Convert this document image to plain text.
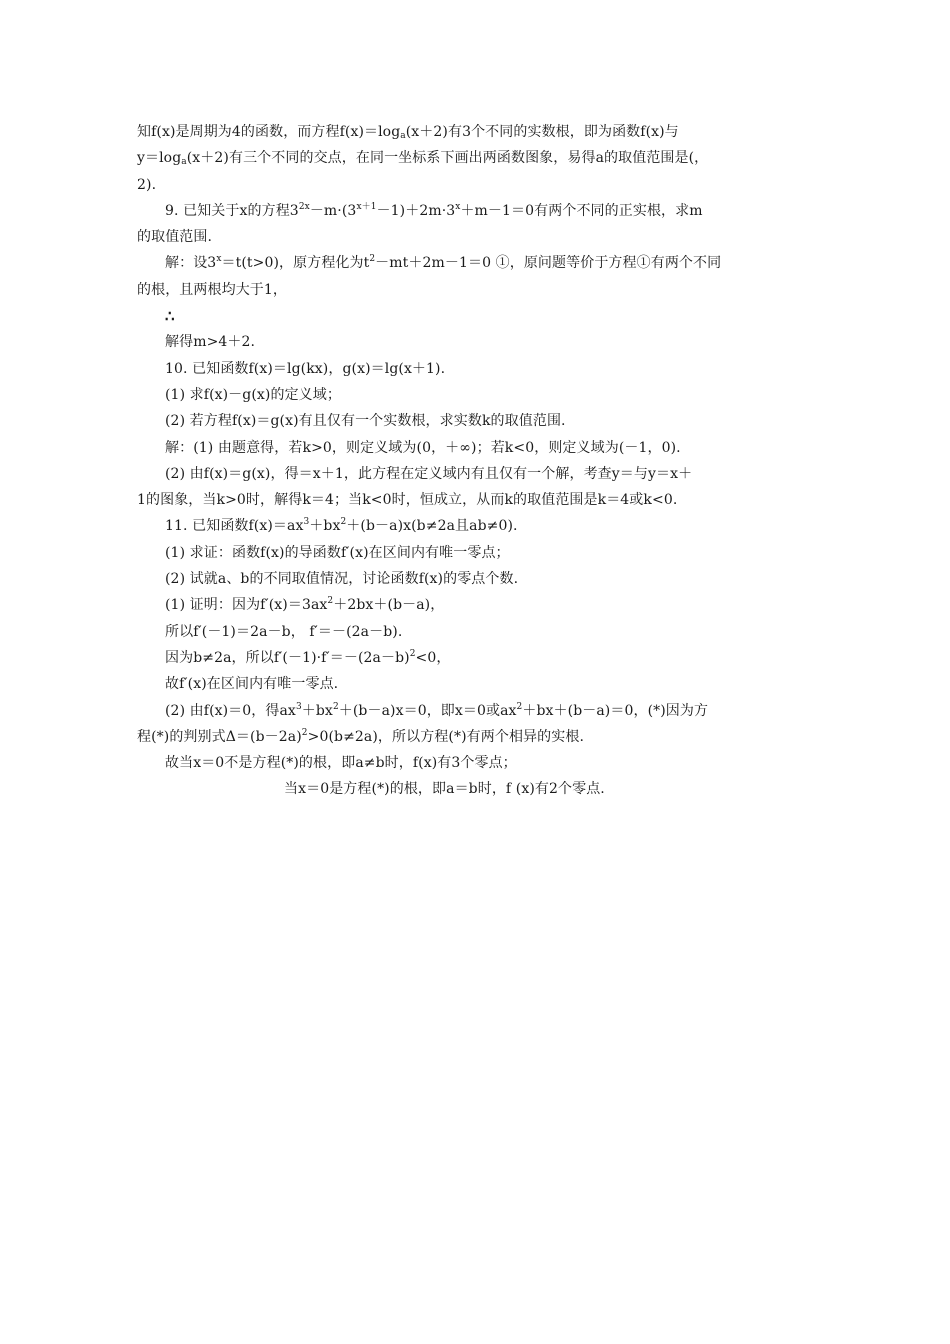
知f(x)是周期为4的函数，而方程$f(x)=\log_a(x+2)$有3个不同的实数根，即为函数f(x)与
$y=\log_a(x+2)$有三个不同的交点，在同一坐标系下画出两函数图象，易得a的取值范围是(，
2).
9. 已知关于x的方程$3^{2x}-m\cdot(3^{x+1}-1)+2m\cdot 3^x+m-1=0$有两个不同的正实根，求m
的取值范围.
解：设$3^x=t(t>0)$，原方程化为$t^2-mt+2m-1=0$ ①，原问题等价于方程①有两个不同
的根，且两根均大于1，
∴
解得m>4＋2.
10. 已知函数f(x)＝lg(kx)，g(x)＝lg(x＋1).
(1) 求f(x)－g(x)的定义域；
(2) 若方程f(x)＝g(x)有且仅有一个实数根，求实数k的取值范围.
解：(1) 由题意得，若k>0，则定义域为(0，＋∞)；若k<0，则定义域为(－1，0).
(2) 由f(x)＝g(x)，得＝x＋1，此方程在定义域内有且仅有一个解，考查y＝与y＝x＋
1的图象，当k>0时，解得k＝4；当k<0时，恒成立，从而k的取值范围是k＝4或k<0.
11. 已知函数$f(x)=ax^3+bx^2+(b-a)x(b\ne 2a$且ab≠0).
(1) 求证：函数f(x)的导函数f′(x)在区间内有唯一零点；
(2) 试就a、b的不同取值情况，讨论函数f(x)的零点个数.
(1) 证明：因为$f'(x)=3ax^2+2bx+(b-a)$，
所以f′(－1)＝2a－b， f′＝－(2a－b).
因为b≠2a，所以$f'(-1)\cdot f'=-(2a-b)^2<0$，
故f′(x)在区间内有唯一零点.
(2) 由f(x)＝0，得$ax^3+bx^2+(b-a)x=0$，即x＝0或$ax^2+bx+(b-a)=0$，(*)因为方
程(*)的判别式$\Delta=(b-2a)^2>0(b\ne 2a)$，所以方程(*)有两个相异的实根.
故当x＝0不是方程(*)的根，即a≠b时，f(x)有3个零点；
当x＝0是方程(*)的根，即a＝b时，f (x)有2个零点.
